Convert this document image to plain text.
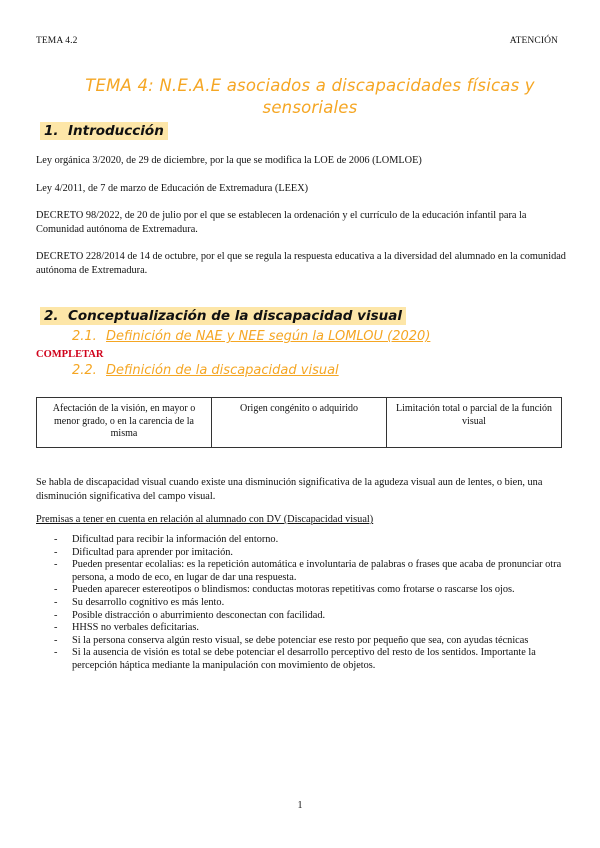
TEMA 4.2	ATENCIÓN
TEMA 4: N.E.A.E asociados a discapacidades físicas y sensoriales
1. Introducción
Ley orgánica 3/2020, de 29 de diciembre, por la que se modifica la LOE de 2006 (LOMLOE)
Ley 4/2011, de 7 de marzo de Educación de Extremadura (LEEX)
DECRETO 98/2022, de 20 de julio por el que se establecen la ordenación y el currículo de la educación infantil para la Comunidad autónoma de Extremadura.
DECRETO 228/2014 de 14 de octubre, por el que se regula la respuesta educativa a la diversidad del alumnado en la comunidad autónoma de Extremadura.
2. Conceptualización de la discapacidad visual
2.1. Definición de NAE y NEE según la LOMLOU (2020)
COMPLETAR
2.2. Definición de la discapacidad visual
Afectación de la visión, en mayor o menor grado, o en la carencia de la misma	Origen congénito o adquirido	Limitación total o parcial de la función visual
Se habla de discapacidad visual cuando existe una disminución significativa de la agudeza visual aun de lentes, o bien, una disminución significativa del campo visual.
Premisas a tener en cuenta en relación al alumnado con DV (Discapacidad visual)
- Dificultad para recibir la información del entorno.
- Dificultad para aprender por imitación.
- Pueden presentar ecolalias: es la repetición automática e involuntaria de palabras o frases que acaba de pronunciar otra persona, a modo de eco, en lugar de dar una respuesta.
- Pueden aparecer estereotipos o blindismos: conductas motoras repetitivas como frotarse o rascarse los ojos.
- Su desarrollo cognitivo es más lento.
- Posible distracción o aburrimiento desconectan con facilidad.
- HHSS no verbales deficitarias.
- Si la persona conserva algún resto visual, se debe potenciar ese resto por pequeño que sea, con ayudas técnicas
- Si la ausencia de visión es total se debe potenciar el desarrollo perceptivo del resto de los sentidos. Importante la percepción háptica mediante la manipulación con movimiento de objetos.
1
